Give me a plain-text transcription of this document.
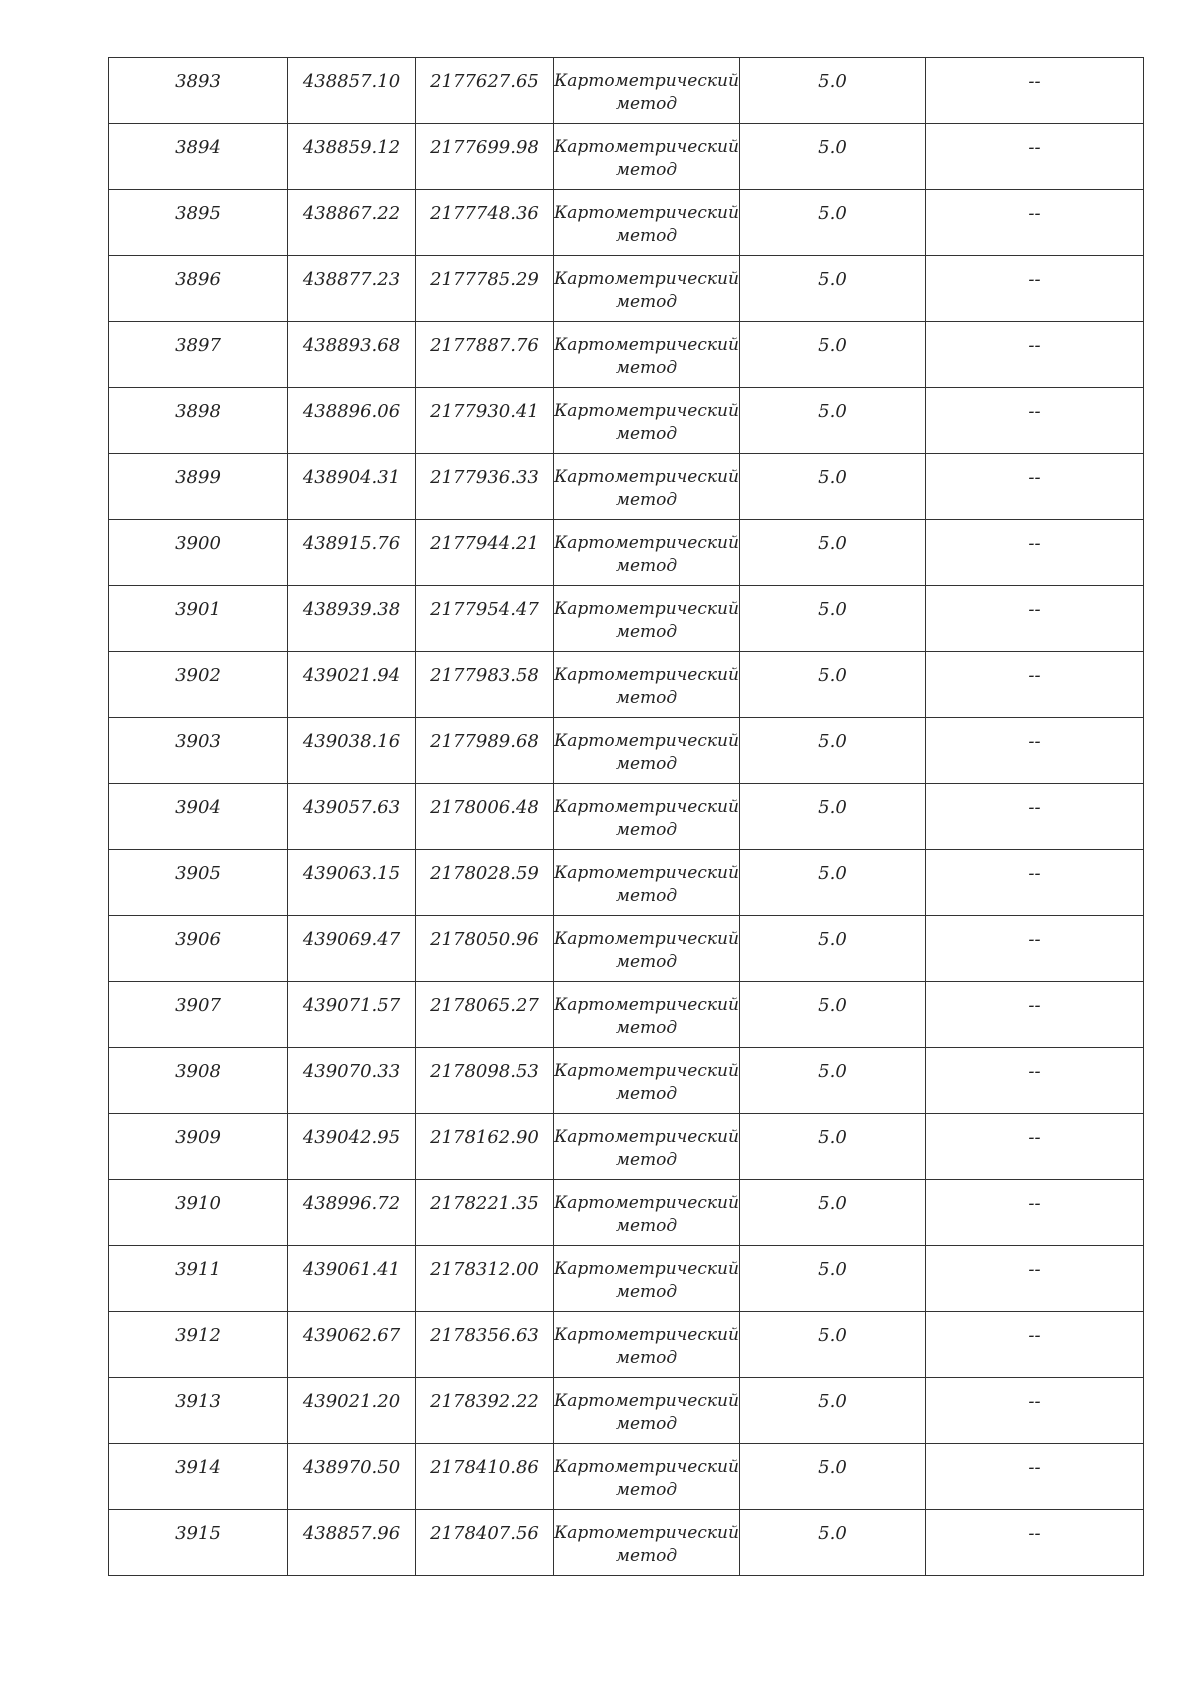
3893	438857.10	2177627.65	Картометрический метод	5.0	--

3894	438859.12	2177699.98	Картометрический метод	5.0	--

3895	438867.22	2177748.36	Картометрический метод	5.0	--

3896	438877.23	2177785.29	Картометрический метод	5.0	--

3897	438893.68	2177887.76	Картометрический метод	5.0	--

3898	438896.06	2177930.41	Картометрический метод	5.0	--

3899	438904.31	2177936.33	Картометрический метод	5.0	--

3900	438915.76	2177944.21	Картометрический метод	5.0	--

3901	438939.38	2177954.47	Картометрический метод	5.0	--

3902	439021.94	2177983.58	Картометрический метод	5.0	--

3903	439038.16	2177989.68	Картометрический метод	5.0	--

3904	439057.63	2178006.48	Картометрический метод	5.0	--

3905	439063.15	2178028.59	Картометрический метод	5.0	--

3906	439069.47	2178050.96	Картометрический метод	5.0	--

3907	439071.57	2178065.27	Картометрический метод	5.0	--

3908	439070.33	2178098.53	Картометрический метод	5.0	--

3909	439042.95	2178162.90	Картометрический метод	5.0	--

3910	438996.72	2178221.35	Картометрический метод	5.0	--

3911	439061.41	2178312.00	Картометрический метод	5.0	--

3912	439062.67	2178356.63	Картометрический метод	5.0	--

3913	439021.20	2178392.22	Картометрический метод	5.0	--

3914	438970.50	2178410.86	Картометрический метод	5.0	--

3915	438857.96	2178407.56	Картометрический метод	5.0	--
